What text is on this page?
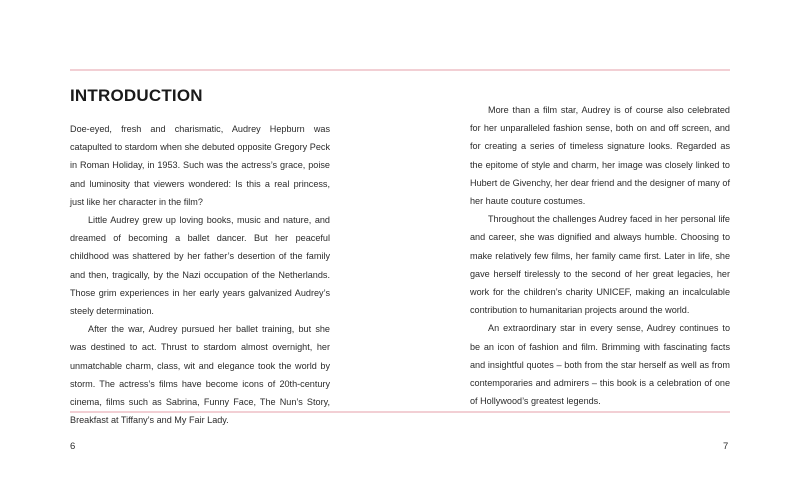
INTRODUCTION

Doe-eyed, fresh and charismatic, Audrey Hepburn was catapulted to stardom when she debuted opposite Gregory Peck in Roman Holiday, in 1953. Such was the actress’s grace, poise and luminosity that viewers wondered: Is this a real princess, just like her character in the film?

Little Audrey grew up loving books, music and nature, and dreamed of becoming a ballet dancer. But her peaceful childhood was shattered by her father’s desertion of the family and then, tragically, by the Nazi occupation of the Netherlands. Those grim experiences in her early years galvanized Audrey’s steely determination.

After the war, Audrey pursued her ballet training, but she was destined to act. Thrust to stardom almost overnight, her unmatchable charm, class, wit and elegance took the world by storm. The actress’s films have become icons of 20th-century cinema, films such as Sabrina, Funny Face, The Nun’s Story, Breakfast at Tiffany’s and My Fair Lady.

More than a film star, Audrey is of course also celebrated for her unparalleled fashion sense, both on and off screen, and for creating a series of timeless signature looks. Regarded as the epitome of style and charm, her image was closely linked to Hubert de Givenchy, her dear friend and the designer of many of her haute couture costumes.

Throughout the challenges Audrey faced in her personal life and career, she was dignified and always humble. Choosing to make relatively few films, her family came first. Later in life, she gave herself tirelessly to the second of her great legacies, her work for the children’s charity UNICEF, making an incalculable contribution to humanitarian projects around the world.

An extraordinary star in every sense, Audrey continues to be an icon of fashion and film. Brimming with fascinating facts and insightful quotes – both from the star herself as well as from contemporaries and admirers – this book is a celebration of one of Hollywood’s greatest legends.

6	7
